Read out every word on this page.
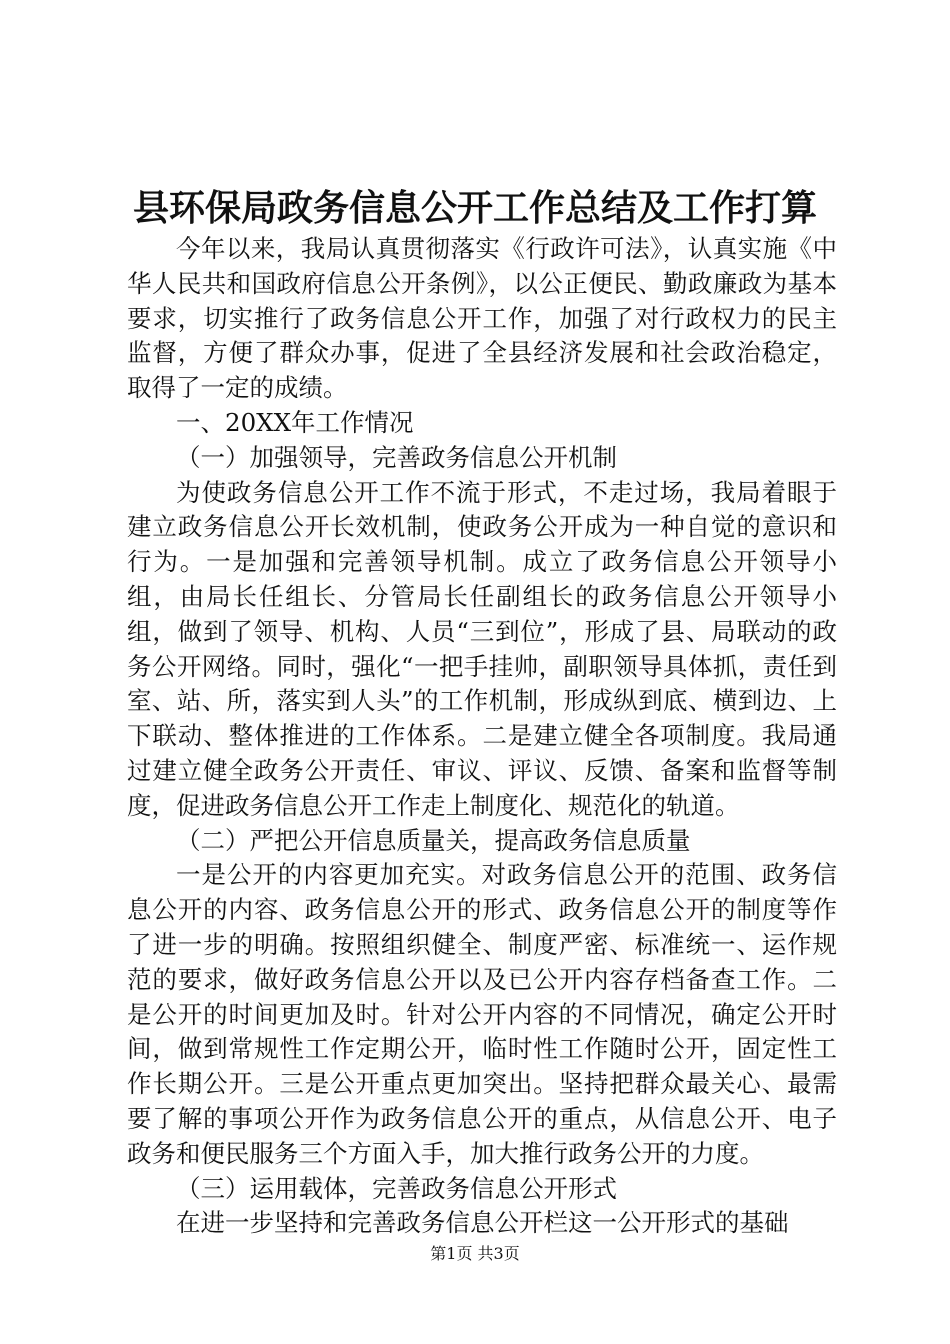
县环保局政务信息公开工作总结及工作打算

今年以来，我局认真贯彻落实《行政许可法》，认真实施《中华人民共和国政府信息公开条例》，以公正便民、勤政廉政为基本要求，切实推行了政务信息公开工作，加强了对行政权力的民主监督，方便了群众办事，促进了全县经济发展和社会政治稳定，取得了一定的成绩。

一、20XX年工作情况

（一）加强领导，完善政务信息公开机制

为使政务信息公开工作不流于形式，不走过场，我局着眼于建立政务信息公开长效机制，使政务公开成为一种自觉的意识和行为。一是加强和完善领导机制。成立了政务信息公开领导小组，由局长任组长、分管局长任副组长的政务信息公开领导小组，做到了领导、机构、人员“三到位”，形成了县、局联动的政务公开网络。同时，强化“一把手挂帅，副职领导具体抓，责任到室、站、所，落实到人头”的工作机制，形成纵到底、横到边、上下联动、整体推进的工作体系。二是建立健全各项制度。我局通过建立健全政务公开责任、审议、评议、反馈、备案和监督等制度，促进政务信息公开工作走上制度化、规范化的轨道。

（二）严把公开信息质量关，提高政务信息质量

一是公开的内容更加充实。对政务信息公开的范围、政务信息公开的内容、政务信息公开的形式、政务信息公开的制度等作了进一步的明确。按照组织健全、制度严密、标准统一、运作规范的要求，做好政务信息公开以及已公开内容存档备查工作。二是公开的时间更加及时。针对公开内容的不同情况，确定公开时间，做到常规性工作定期公开，临时性工作随时公开，固定性工作长期公开。三是公开重点更加突出。坚持把群众最关心、最需要了解的事项公开作为政务信息公开的重点，从信息公开、电子政务和便民服务三个方面入手，加大推行政务公开的力度。

（三）运用载体，完善政务信息公开形式

在进一步坚持和完善政务信息公开栏这一公开形式的基础

第1页 共3页
